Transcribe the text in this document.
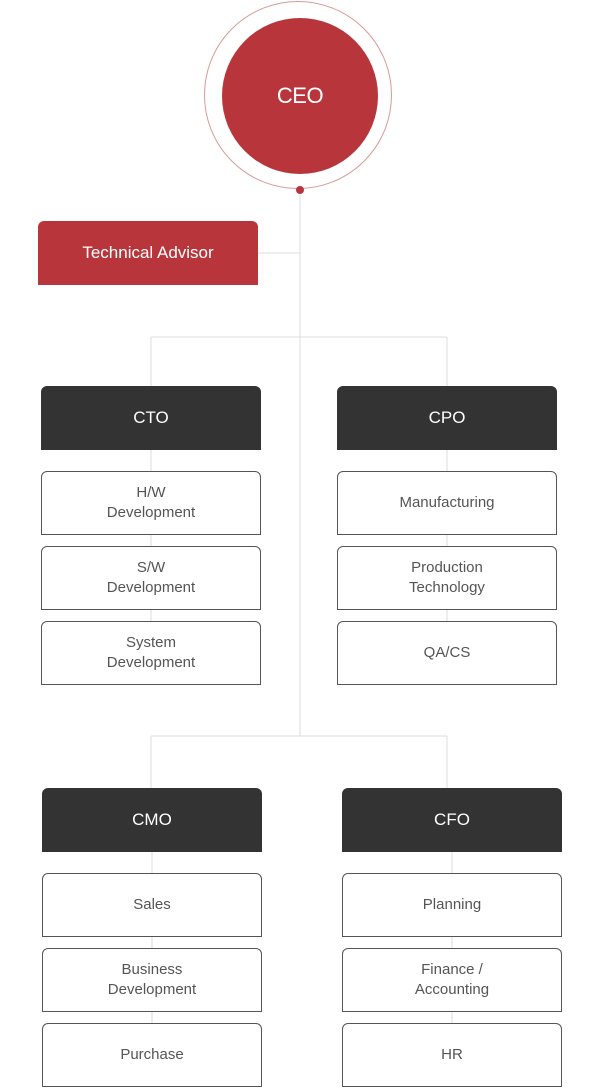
CEO
Technical Advisor
CTO
H/W
Development
S/W
Development
System
Development
CPO
Manufacturing
Production
Technology
QA/CS
CMO
Sales
Business
Development
Purchase
CFO
Planning
Finance /
Accounting
HR
